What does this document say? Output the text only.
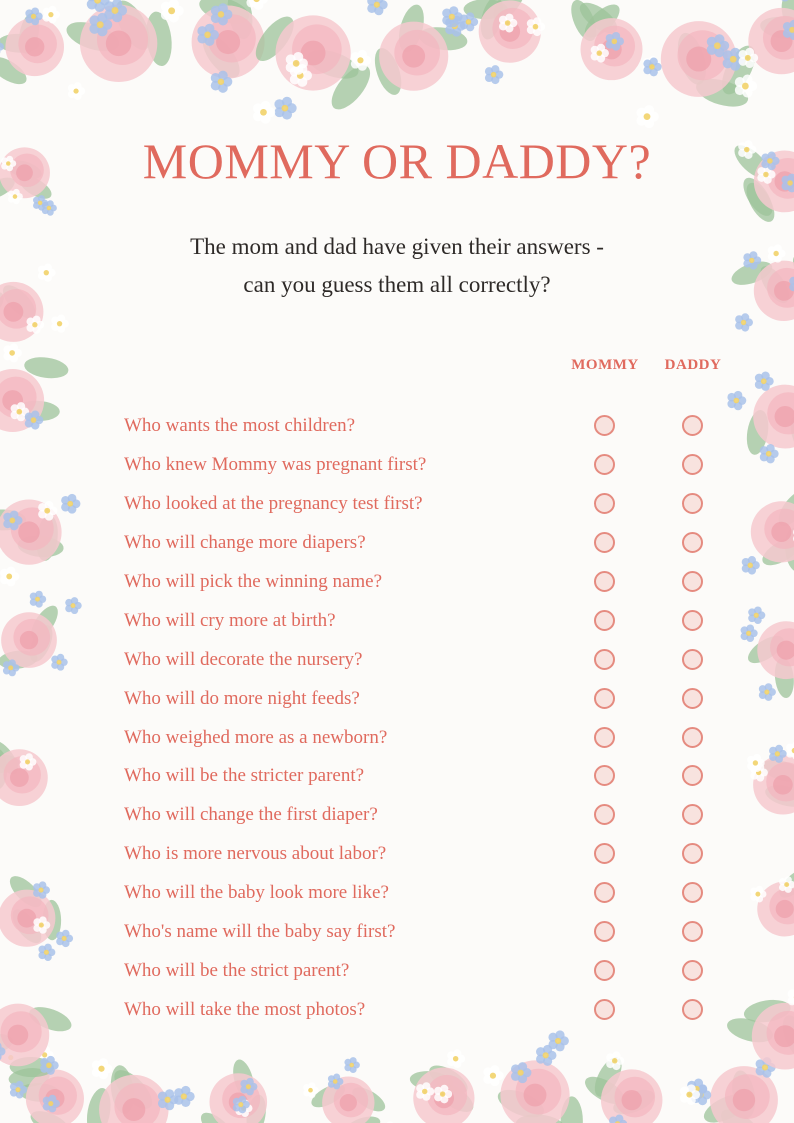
MOMMY OR DADDY?
The mom and dad have given their answers -
can you guess them all correctly?
MOMMY	DADDY
Who wants the most children?
Who knew Mommy was pregnant first?
Who looked at the pregnancy test first?
Who will change more diapers?
Who will pick the winning name?
Who will cry more at birth?
Who will decorate the nursery?
Who will do more night feeds?
Who weighed more as a newborn?
Who will be the stricter parent?
Who will change the first diaper?
Who is more nervous about labor?
Who will the baby look more like?
Who's name will the baby say first?
Who will be the strict parent?
Who will take the most photos?
